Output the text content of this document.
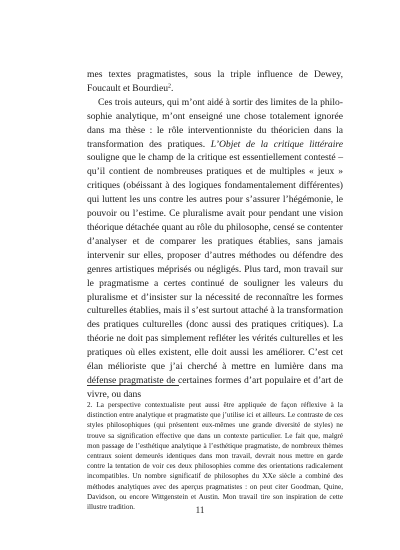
mes textes pragmatistes, sous la triple influence de Dewey, Foucault et Bourdieu$^2$.

Ces trois auteurs, qui m’ont aidé à sortir des limites de la philosophie analytique, m’ont enseigné une chose totalement ignorée dans ma thèse : le rôle interventionniste du théoricien dans la transformation des pratiques. L’Objet de la critique littéraire souligne que le champ de la critique est essentiellement contesté – qu’il contient de nombreuses pratiques et de multiples « jeux » critiques (obéissant à des logiques fondamentalement différentes) qui luttent les uns contre les autres pour s’assurer l’hégémonie, le pouvoir ou l’estime. Ce pluralisme avait pour pendant une vision théorique détachée quant au rôle du philosophe, censé se contenter d’analyser et de comparer les pratiques établies, sans jamais intervenir sur elles, proposer d’autres méthodes ou défendre des genres artistiques méprisés ou négligés. Plus tard, mon travail sur le pragmatisme a certes continué de souligner les valeurs du pluralisme et d’insister sur la nécessité de reconnaître les formes culturelles établies, mais il s’est surtout attaché à la transformation des pratiques culturelles (donc aussi des pratiques critiques). La théorie ne doit pas simplement refléter les vérités culturelles et les pratiques où elles existent, elle doit aussi les améliorer. C’est cet élan mélioriste que j’ai cherché à mettre en lumière dans ma défense pragmatiste de certaines formes d’art populaire et d’art de vivre, ou dans

2. La perspective contextualiste peut aussi être appliquée de façon réflexive à la distinction entre analytique et pragmatiste que j’utilise ici et ailleurs. Le contraste de ces styles philosophiques (qui présentent eux-mêmes une grande diversité de styles) ne trouve sa signification effective que dans un contexte particulier. Le fait que, malgré mon passage de l’esthétique analytique à l’esthétique pragmatiste, de nombreux thèmes centraux soient demeurés identiques dans mon travail, devrait nous mettre en garde contre la tentation de voir ces deux philosophies comme des orientations radicalement incompatibles. Un nombre significatif de philosophes du XXe siècle a combiné des méthodes analytiques avec des aperçus pragmatistes : on peut citer Goodman, Quine, Davidson, ou encore Wittgenstein et Austin. Mon travail tire son inspiration de cette illustre tradition.	11
